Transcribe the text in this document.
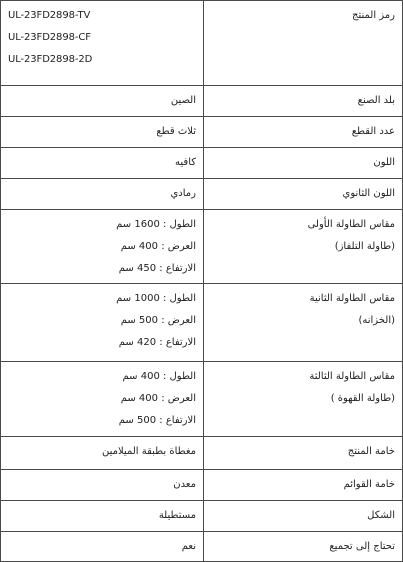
رمز المنتج	UL-23FD2898-TV
UL-23FD2898-CF
UL-23FD2898-2D

بلد الصنع	الصين

عدد القطع	ثلاث قطع

اللون	كافيه

اللون الثانوي	رمادي

مقاس الطاولة الأولى
(طاولة التلفاز)	الطول : 1600 سم
العرض : 400 سم
الارتفاع : 450 سم

مقاس الطاولة الثانية
(الخزانه)	الطول : 1000 سم
العرض : 500 سم
الارتفاع : 420 سم

مقاس الطاولة الثالثة
(طاولة القهوة )	الطول : 400 سم
العرض : 400 سم
الارتفاع : 500 سم

خامة المنتج	مغطاة بطبقة الميلامين

خامة القوائم	معدن

الشكل	مستطيلة

تحتاج إلى تجميع	نعم
